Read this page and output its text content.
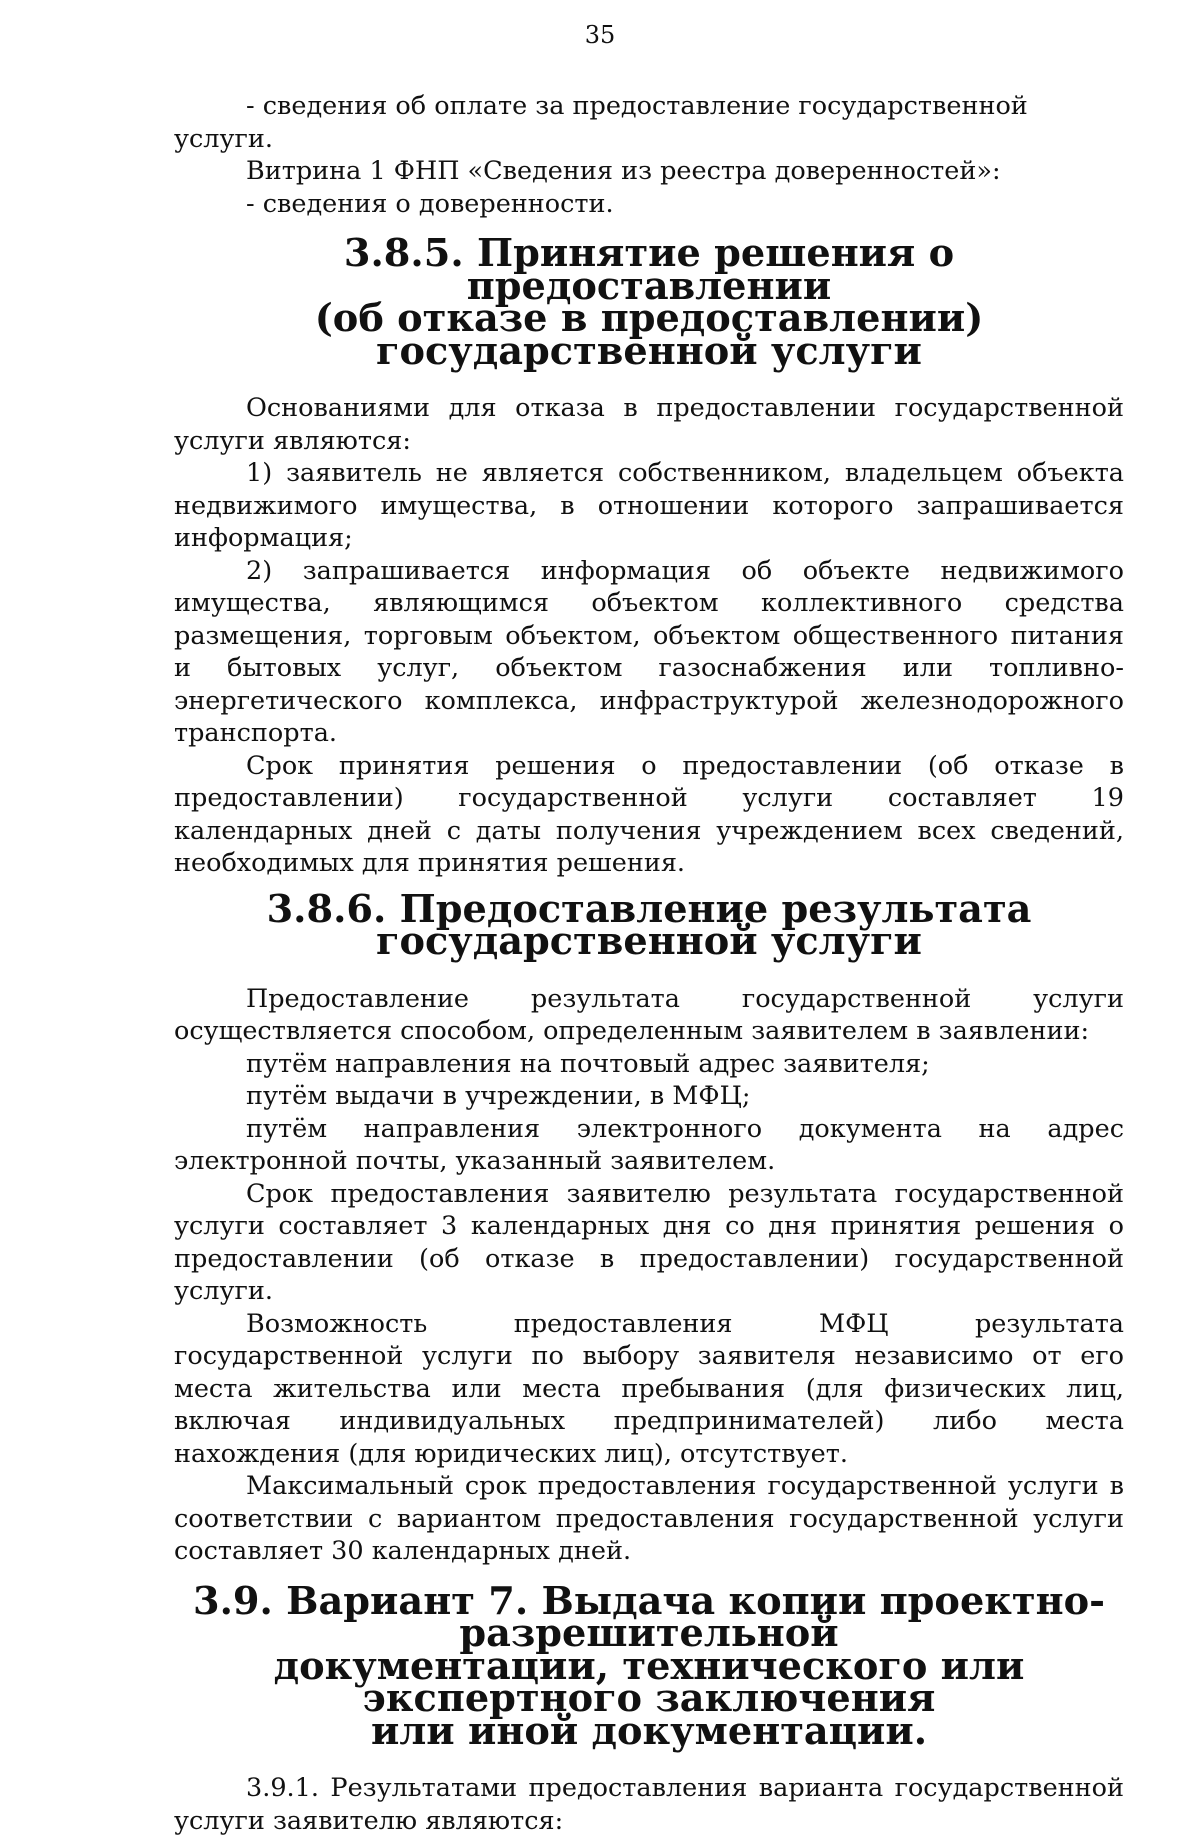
35

- сведения об оплате за предоставление государственной услуги.

Витрина 1 ФНП «Сведения из реестра доверенностей»:

- сведения о доверенности.

3.8.5. Принятие решения о предоставлении
(об отказе в предоставлении) государственной услуги

Основаниями для отказа в предоставлении государственной услуги являются:

1) заявитель не является собственником, владельцем объекта недвижимого имущества, в отношении которого запрашивается информация;

2) запрашивается информация об объекте недвижимого имущества, являющимся объектом коллективного средства размещения, торговым объектом, объектом общественного питания и бытовых услуг, объектом газоснабжения или топливно-энергетического комплекса, инфраструктурой железнодорожного транспорта.

Срок принятия решения о предоставлении (об отказе в предоставлении) государственной услуги составляет 19 календарных дней с даты получения учреждением всех сведений, необходимых для принятия решения.

3.8.6. Предоставление результата государственной услуги

Предоставление результата государственной услуги осуществляется способом, определенным заявителем в заявлении:

путём направления на почтовый адрес заявителя;

путём выдачи в учреждении, в МФЦ;

путём направления электронного документа на адрес электронной почты, указанный заявителем.

Срок предоставления заявителю результата государственной услуги составляет 3 календарных дня со дня принятия решения о предоставлении (об отказе в предоставлении) государственной услуги.

Возможность предоставления МФЦ результата государственной услуги по выбору заявителя независимо от его места жительства или места пребывания (для физических лиц, включая индивидуальных предпринимателей) либо места нахождения (для юридических лиц), отсутствует.

Максимальный срок предоставления государственной услуги в соответствии с вариантом предоставления государственной услуги составляет 30 календарных дней.

3.9. Вариант 7. Выдача копии проектно-разрешительной
документации, технического или экспертного заключения
или иной документации.

3.9.1. Результатами предоставления варианта государственной услуги заявителю являются:
